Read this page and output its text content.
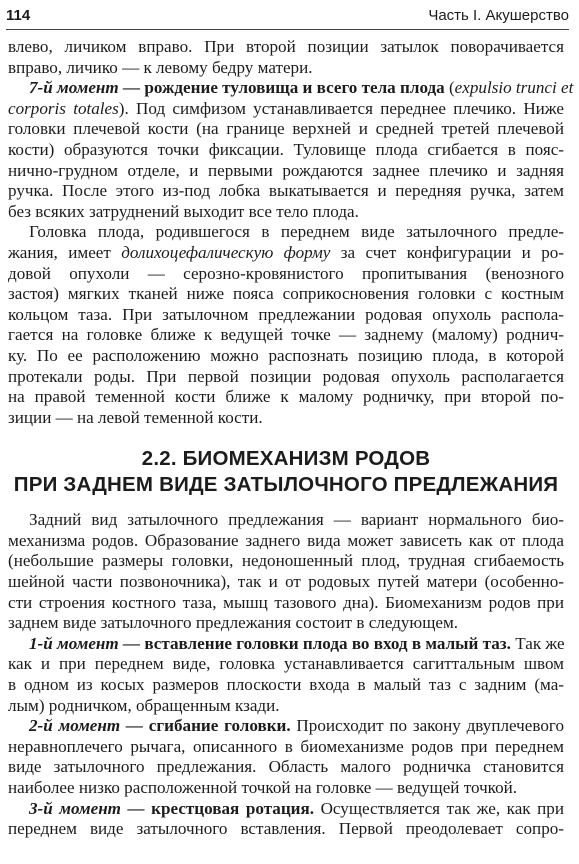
114	Часть I. Акушерство

влево, личиком вправо. При второй позиции затылок поворачивается
вправо, личико — к левому бедру матери.

7-й момент — рождение туловища и всего тела плода (expulsio trunci et
corporis totales). Под симфизом устанавливается переднее плечико. Ниже
головки плечевой кости (на границе верхней и средней третей плечевой
кости) образуются точки фиксации. Туловище плода сгибается в пояс-
нично-грудном отделе, и первыми рождаются заднее плечико и задняя
ручка. После этого из-под лобка выкатывается и передняя ручка, затем
без всяких затруднений выходит все тело плода.

Головка плода, родившегося в переднем виде затылочного предле-
жания, имеет долихоцефалическую форму за счет конфигурации и ро-
довой опухоли — серозно-кровянистого пропитывания (венозного
застоя) мягких тканей ниже пояса соприкосновения головки с костным
кольцом таза. При затылочном предлежании родовая опухоль распола-
гается на головке ближе к ведущей точке — заднему (малому) роднич-
ку. По ее расположению можно распознать позицию плода, в которой
протекали роды. При первой позиции родовая опухоль располагается
на правой теменной кости ближе к малому родничку, при второй по-
зиции — на левой теменной кости.

2.2. БИОМЕХАНИЗМ РОДОВ
ПРИ ЗАДНЕМ ВИДЕ ЗАТЫЛОЧНОГО ПРЕДЛЕЖАНИЯ

Задний вид затылочного предлежания — вариант нормального био-
механизма родов. Образование заднего вида может зависеть как от плода
(небольшие размеры головки, недоношенный плод, трудная сгибаемость
шейной части позвоночника), так и от родовых путей матери (особенно-
сти строения костного таза, мышц тазового дна). Биомеханизм родов при
заднем виде затылочного предлежания состоит в следующем.

1-й момент — вставление головки плода во вход в малый таз. Так же
как и при переднем виде, головка устанавливается сагиттальным швом
в одном из косых размеров плоскости входа в малый таз с задним (ма-
лым) родничком, обращенным кзади.

2-й момент — сгибание головки. Происходит по закону двуплечевого
неравноплечего рычага, описанного в биомеханизме родов при переднем
виде затылочного предлежания. Область малого родничка становится
наиболее низко расположенной точкой на головке — ведущей точкой.

3-й момент — крестцовая ротация. Осуществляется так же, как при
переднем виде затылочного вставления. Первой преодолевает сопро-
